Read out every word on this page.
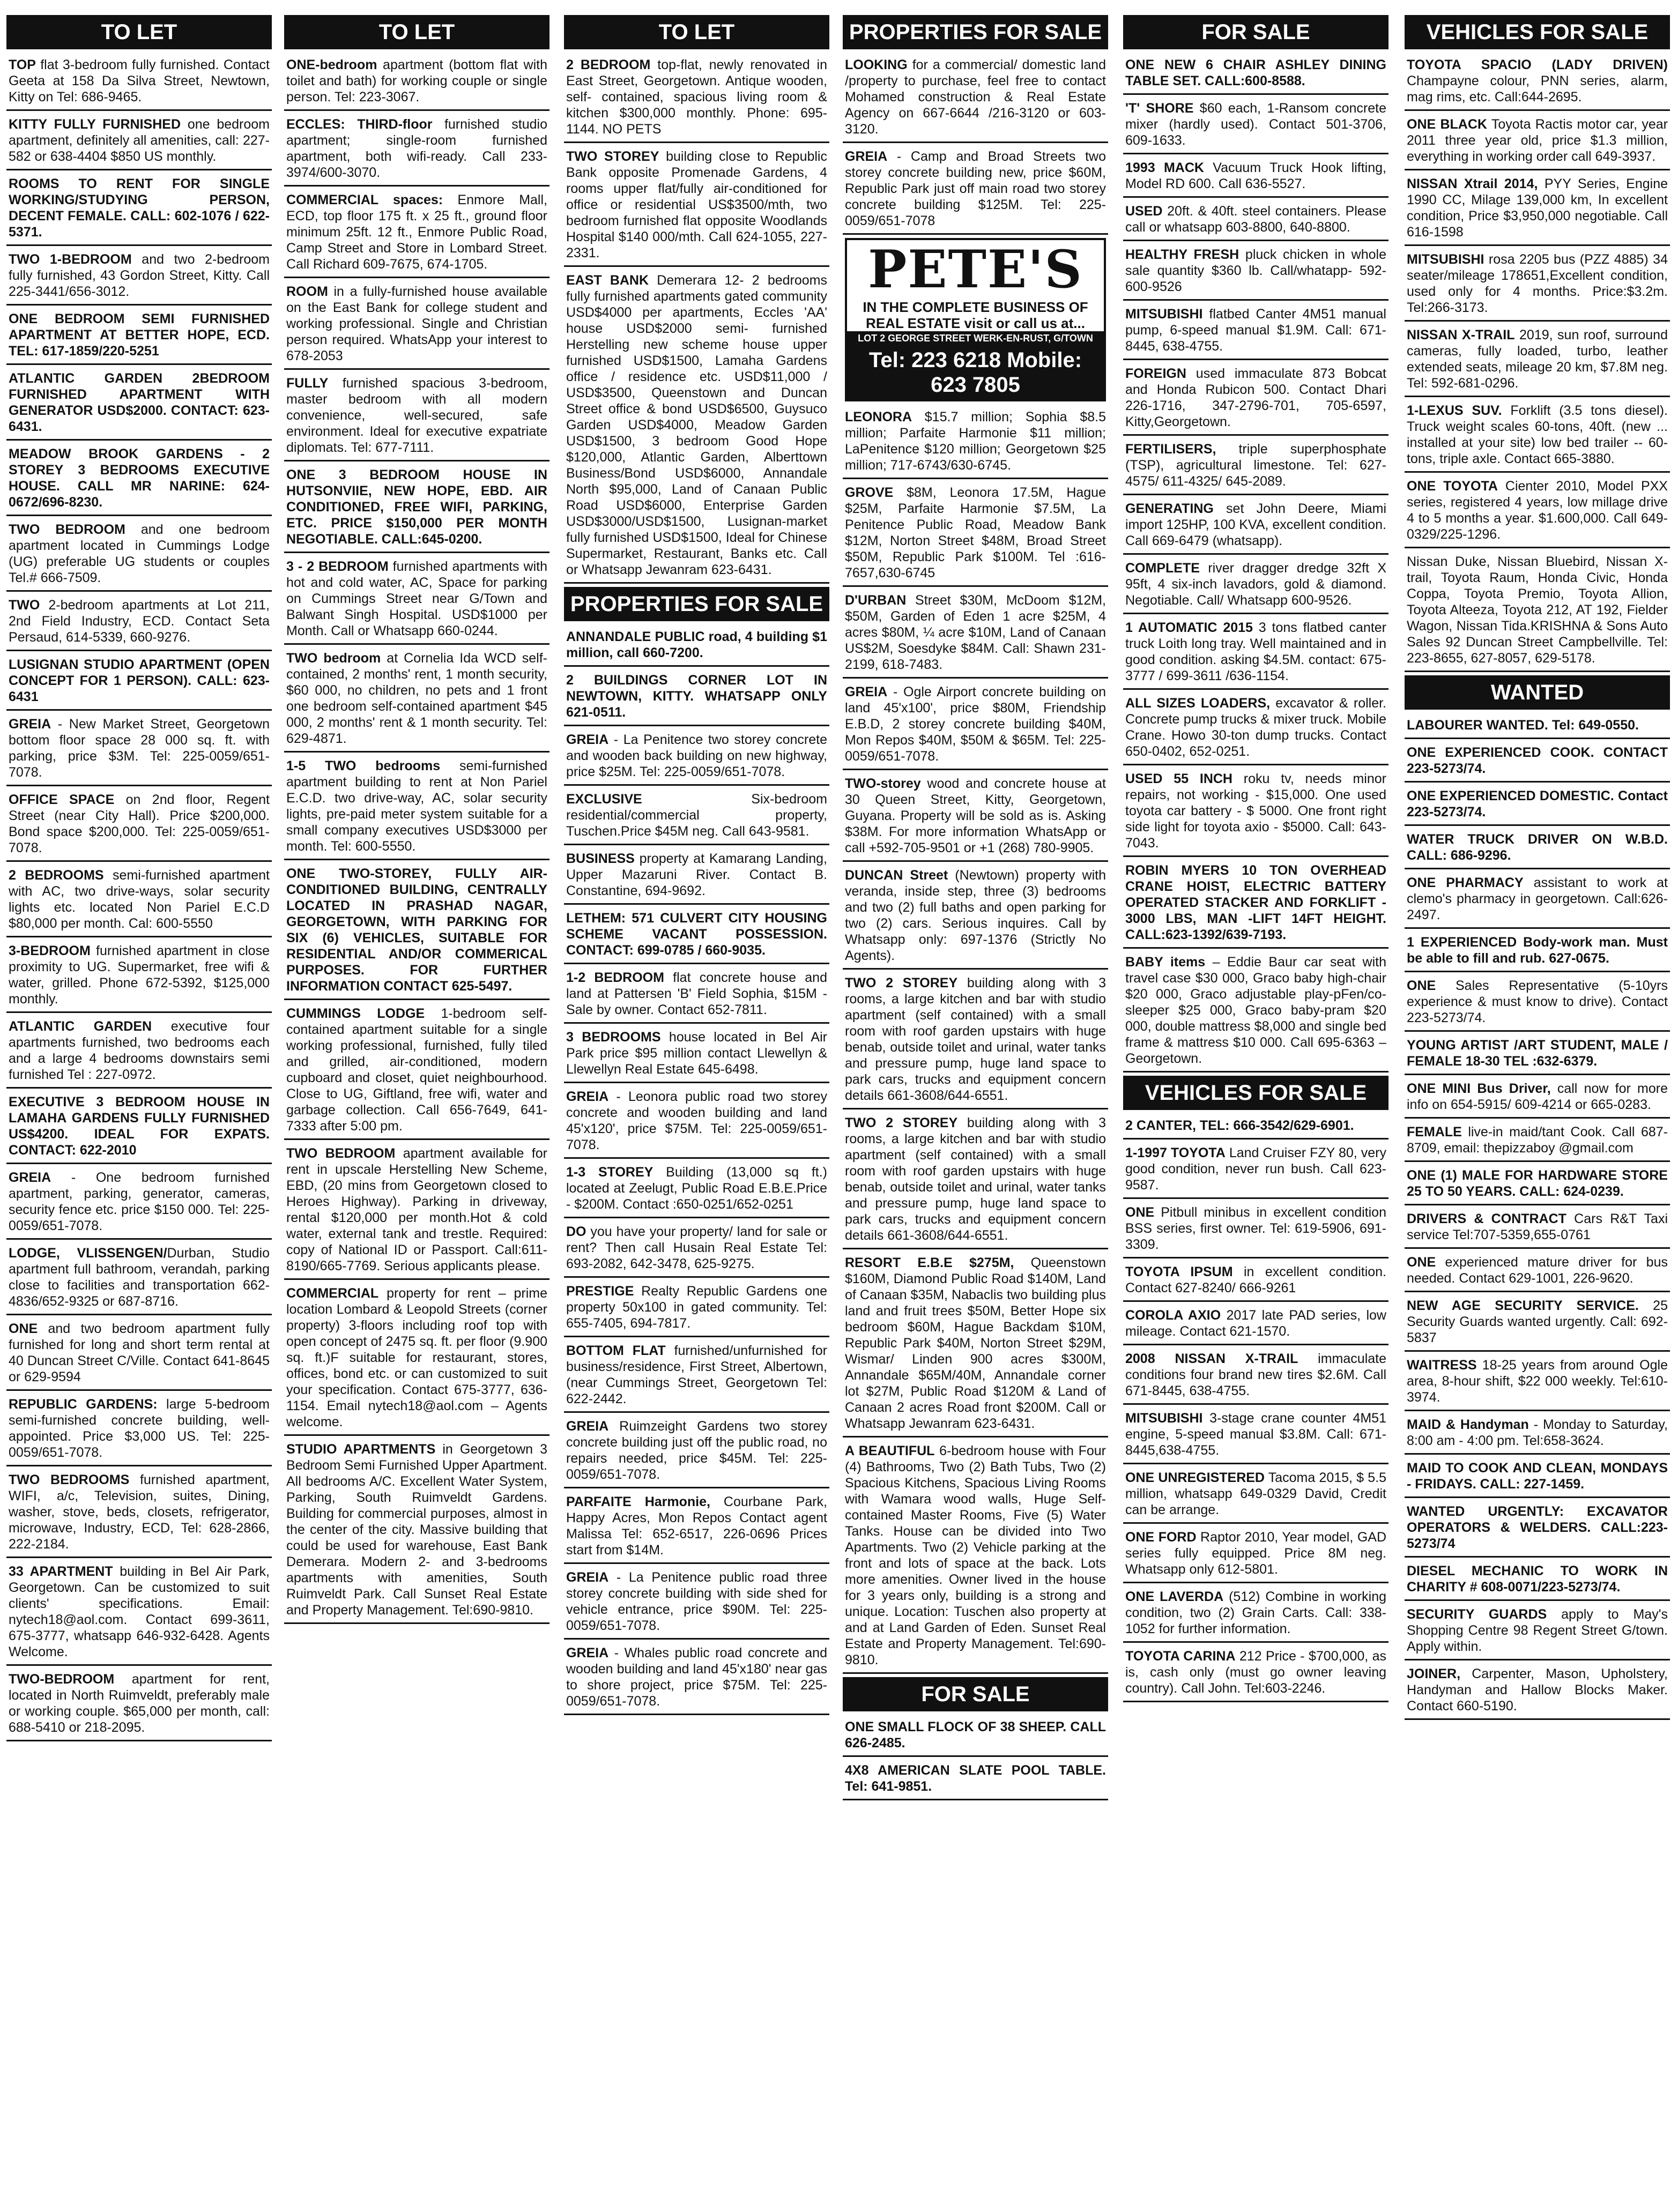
TO LET
TOP flat 3-bedroom fully furnished. Contact Geeta at 158 Da Silva Street, Newtown, Kitty on Tel: 686-9465.
KITTY FULLY FURNISHED one bedroom apartment, definitely all amenities, call: 227-582 or 638-4404 $850 US monthly.
ROOMS TO RENT FOR SINGLE WORKING/STUDYING PERSON, DECENT FEMALE. CALL: 602-1076 / 622-5371.
TWO 1-BEDROOM and two 2-bedroom fully furnished, 43 Gordon Street, Kitty. Call 225-3441/656-3012.
ONE BEDROOM SEMI FURNISHED APARTMENT AT BETTER HOPE, ECD. TEL: 617-1859/220-5251
ATLANTIC GARDEN 2BEDROOM FURNISHED APARTMENT WITH GENERATOR USD$2000. CONTACT: 623-6431.
MEADOW BROOK GARDENS - 2 STOREY 3 BEDROOMS EXECUTIVE HOUSE. CALL MR NARINE: 624-0672/696-8230.
TWO BEDROOM and one bedroom apartment located in Cummings Lodge (UG) preferable UG students or couples Tel.# 666-7509.
TWO 2-bedroom apartments at Lot 211, 2nd Field Industry, ECD. Contact Seta Persaud, 614-5339, 660-9276.
LUSIGNAN STUDIO APARTMENT (OPEN CONCEPT FOR 1 PERSON). CALL: 623-6431
GREIA - New Market Street, Georgetown bottom floor space 28 000 sq. ft. with parking, price $3M. Tel: 225-0059/651-7078.
OFFICE SPACE on 2nd floor, Regent Street (near City Hall). Price $200,000. Bond space $200,000. Tel: 225-0059/651-7078.
2 BEDROOMS semi-furnished apartment with AC, two drive-ways, solar security lights etc. located Non Pariel E.C.D $80,000 per month. Cal: 600-5550
3-BEDROOM furnished apartment in close proximity to UG. Supermarket, free wifi & water, grilled. Phone 672-5392, $125,000 monthly.
ATLANTIC GARDEN executive four apartments furnished, two bedrooms each and a large 4 bedrooms downstairs semi furnished Tel : 227-0972.
EXECUTIVE 3 BEDROOM HOUSE IN LAMAHA GARDENS FULLY FURNISHED US$4200. IDEAL FOR EXPATS. CONTACT: 622-2010
GREIA - One bedroom furnished apartment, parking, generator, cameras, security fence etc. price $150 000. Tel: 225-0059/651-7078.
LODGE, VLISSENGEN/Durban, Studio apartment full bathroom, verandah, parking close to facilities and transportation 662-4836/652-9325 or 687-8716.
ONE and two bedroom apartment fully furnished for long and short term rental at 40 Duncan Street C/Ville. Contact 641-8645 or 629-9594
REPUBLIC GARDENS: large 5-bedroom semi-furnished concrete building, well-appointed. Price $3,000 US. Tel: 225-0059/651-7078.
TWO BEDROOMS furnished apartment, WIFI, a/c, Television, suites, Dining, washer, stove, beds, closets, refrigerator, microwave, Industry, ECD, Tel: 628-2866, 222-2184.
33 APARTMENT building in Bel Air Park, Georgetown. Can be customized to suit clients' specifications. Email: nytech18@aol.com. Contact 699-3611, 675-3777, whatsapp 646-932-6428. Agents Welcome.
TWO-BEDROOM apartment for rent, located in North Ruimveldt, preferably male or working couple. $65,000 per month, call: 688-5410 or 218-2095.
TO LET
ONE-bedroom apartment (bottom flat with toilet and bath) for working couple or single person. Tel: 223-3067.
ECCLES: THIRD-floor furnished studio apartment; single-room furnished apartment, both wifi-ready. Call 233-3974/600-3070.
COMMERCIAL spaces: Enmore Mall, ECD, top floor 175 ft. x 25 ft., ground floor minimum 25ft. 12 ft., Enmore Public Road, Camp Street and Store in Lombard Street. Call Richard 609-7675, 674-1705.
ROOM in a fully-furnished house available on the East Bank for college student and working professional. Single and Christian person required. WhatsApp your interest to 678-2053
FULLY furnished spacious 3-bedroom, master bedroom with all modern convenience, well-secured, safe environment. Ideal for executive expatriate diplomats. Tel: 677-7111.
ONE 3 BEDROOM HOUSE IN HUTSONVIIE, NEW HOPE, EBD. AIR CONDITIONED, FREE WIFI, PARKING, ETC. PRICE $150,000 PER MONTH NEGOTIABLE. CALL:645-0200.
3 - 2 BEDROOM furnished apartments with hot and cold water, AC, Space for parking on Cummings Street near G/Town and Balwant Singh Hospital. USD$1000 per Month. Call or Whatsapp 660-0244.
TWO bedroom at Cornelia Ida WCD self-contained, 2 months' rent, 1 month security, $60 000, no children, no pets and 1 front one bedroom self-contained apartment $45 000, 2 months' rent & 1 month security. Tel: 629-4871.
1-5 TWO bedrooms semi-furnished apartment building to rent at Non Pariel E.C.D. two drive-way, AC, solar security lights, pre-paid meter system suitable for a small company executives USD$3000 per month. Tel: 600-5550.
ONE TWO-STOREY, FULLY AIR-CONDITIONED BUILDING, CENTRALLY LOCATED IN PRASHAD NAGAR, GEORGETOWN, WITH PARKING FOR SIX (6) VEHICLES, SUITABLE FOR RESIDENTIAL AND/OR COMMERICAL PURPOSES. FOR FURTHER INFORMATION CONTACT 625-5497.
CUMMINGS LODGE 1-bedroom self-contained apartment suitable for a single working professional, furnished, fully tiled and grilled, air-conditioned, modern cupboard and closet, quiet neighbourhood. Close to UG, Giftland, free wifi, water and garbage collection. Call 656-7649, 641-7333 after 5:00 pm.
TWO BEDROOM apartment available for rent in upscale Herstelling New Scheme, EBD, (20 mins from Georgetown closed to Heroes Highway). Parking in driveway, rental $120,000 per month.Hot & cold water, external tank and trestle. Required: copy of National ID or Passport. Call:611-8190/665-7769. Serious applicants please.
COMMERCIAL property for rent – prime location Lombard & Leopold Streets (corner property) 3-floors including roof top with open concept of 2475 sq. ft. per floor (9.900 sq. ft.)F suitable for restaurant, stores, offices, bond etc. or can customized to suit your specification. Contact 675-3777, 636-1154. Email nytech18@aol.com – Agents welcome.
STUDIO APARTMENTS in Georgetown 3 Bedroom Semi Furnished Upper Apartment. All bedrooms A/C. Excellent Water System, Parking, South Ruimveldt Gardens. Building for commercial purposes, almost in the center of the city. Massive building that could be used for warehouse, East Bank Demerara. Modern 2- and 3-bedrooms apartments with amenities, South Ruimveldt Park. Call Sunset Real Estate and Property Management. Tel:690-9810.
TO LET
2 BEDROOM top-flat, newly renovated in East Street, Georgetown. Antique wooden, self- contained, spacious living room & kitchen $300,000 monthly. Phone: 695-1144. NO PETS
TWO STOREY building close to Republic Bank opposite Promenade Gardens, 4 rooms upper flat/fully air-conditioned for office or residential US$3500/mth, two bedroom furnished flat opposite Woodlands Hospital $140 000/mth. Call 624-1055, 227-2331.
EAST BANK Demerara 12- 2 bedrooms fully furnished apartments gated community USD$4000 per apartments, Eccles 'AA' house USD$2000 semi- furnished Herstelling new scheme house upper furnished USD$1500, Lamaha Gardens office / residence etc. USD$11,000 / USD$3500, Queenstown and Duncan Street office & bond USD$6500, Guysuco Garden USD$4000, Meadow Garden USD$1500, 3 bedroom Good Hope $120,000, Atlantic Garden, Alberttown Business/Bond USD$6000, Annandale North $95,000, Land of Canaan Public Road USD$6000, Enterprise Garden USD$3000/USD$1500, Lusignan-market fully furnished USD$1500, Ideal for Chinese Supermarket, Restaurant, Banks etc. Call or Whatsapp Jewanram 623-6431.
PROPERTIES FOR SALE
ANNANDALE PUBLIC road, 4 building $1 million, call 660-7200.
2 BUILDINGS CORNER LOT IN NEWTOWN, KITTY. WHATSAPP ONLY 621-0511.
GREIA - La Penitence two storey concrete and wooden back building on new highway, price $25M. Tel: 225-0059/651-7078.
EXCLUSIVE Six-bedroom residential/commercial property, Tuschen.Price $45M neg. Call 643-9581.
BUSINESS property at Kamarang Landing, Upper Mazaruni River. Contact B. Constantine, 694-9692.
LETHEM: 571 CULVERT CITY HOUSING SCHEME VACANT POSSESSION. CONTACT: 699-0785 / 660-9035.
1-2 BEDROOM flat concrete house and land at Pattersen 'B' Field Sophia, $15M - Sale by owner. Contact 652-7811.
3 BEDROOMS house located in Bel Air Park price $95 million contact Llewellyn & Llewellyn Real Estate 645-6498.
GREIA - Leonora public road two storey concrete and wooden building and land 45'x120', price $75M. Tel: 225-0059/651-7078.
1-3 STOREY Building (13,000 sq ft.) located at Zeelugt, Public Road E.B.E.Price - $200M. Contact :650-0251/652-0251
DO you have your property/ land for sale or rent? Then call Husain Real Estate Tel: 693-2082, 642-3478, 625-9275.
PRESTIGE Realty Republic Gardens one property 50x100 in gated community. Tel: 655-7405, 694-7817.
BOTTOM FLAT furnished/unfurnished for business/residence, First Street, Albertown, (near Cummings Street, Georgetown Tel: 622-2442.
GREIA Ruimzeight Gardens two storey concrete building just off the public road, no repairs needed, price $45M. Tel: 225-0059/651-7078.
PARFAITE Harmonie, Courbane Park, Happy Acres, Mon Repos Contact agent Malissa Tel: 652-6517, 226-0696 Prices start from $14M.
GREIA - La Penitence public road three storey concrete building with side shed for vehicle entrance, price $90M. Tel: 225-0059/651-7078.
GREIA - Whales public road concrete and wooden building and land 45'x180' near gas to shore project, price $75M. Tel: 225-0059/651-7078.
PROPERTIES FOR SALE
LOOKING for a commercial/ domestic land /property to purchase, feel free to contact Mohamed construction & Real Estate Agency on 667-6644 /216-3120 or 603-3120.
GREIA - Camp and Broad Streets two storey concrete building new, price $60M, Republic Park just off main road two storey concrete building $125M. Tel: 225-0059/651-7078
PETE'S
IN THE COMPLETE BUSINESS OF REAL ESTATE visit or call us at...
LOT 2 GEORGE STREET WERK-EN-RUST, G/TOWN
Tel: 223 6218 Mobile: 623 7805
LEONORA $15.7 million; Sophia $8.5 million; Parfaite Harmonie $11 million; LaPenitence $120 million; Georgetown $25 million; 717-6743/630-6745.
GROVE $8M, Leonora 17.5M, Hague $25M, Parfaite Harmonie $7.5M, La Penitence Public Road, Meadow Bank $12M, Norton Street $48M, Broad Street $50M, Republic Park $100M. Tel :616-7657,630-6745
D'URBAN Street $30M, McDoom $12M, $50M, Garden of Eden 1 acre $25M, 4 acres $80M, ¼ acre $10M, Land of Canaan US$2M, Soesdyke $84M. Call: Shawn 231-2199, 618-7483.
GREIA - Ogle Airport concrete building on land 45'x100', price $80M, Friendship E.B.D, 2 storey concrete building $40M, Mon Repos $40M, $50M & $65M. Tel: 225-0059/651-7078.
TWO-storey wood and concrete house at 30 Queen Street, Kitty, Georgetown, Guyana. Property will be sold as is. Asking $38M. For more information WhatsApp or call +592-705-9501 or +1 (268) 780-9905.
DUNCAN Street (Newtown) property with veranda, inside step, three (3) bedrooms and two (2) full baths and open parking for two (2) cars. Serious inquires. Call by Whatsapp only: 697-1376 (Strictly No Agents).
TWO 2 STOREY building along with 3 rooms, a large kitchen and bar with studio apartment (self contained) with a small room with roof garden upstairs with huge benab, outside toilet and urinal, water tanks and pressure pump, huge land space to park cars, trucks and equipment concern details 661-3608/644-6551.
TWO 2 STOREY building along with 3 rooms, a large kitchen and bar with studio apartment (self contained) with a small room with roof garden upstairs with huge benab, outside toilet and urinal, water tanks and pressure pump, huge land space to park cars, trucks and equipment concern details 661-3608/644-6551.
RESORT E.B.E $275M, Queenstown $160M, Diamond Public Road $140M, Land of Canaan $35M, Nabaclis two building plus land and fruit trees $50M, Better Hope six bedroom $60M, Hague Backdam $10M, Republic Park $40M, Norton Street $29M, Wismar/ Linden 900 acres $300M, Annandale $65M/40M, Annandale corner lot $27M, Public Road $120M & Land of Canaan 2 acres Road front $200M. Call or Whatsapp Jewanram 623-6431.
A BEAUTIFUL 6-bedroom house with Four (4) Bathrooms, Two (2) Bath Tubs, Two (2) Spacious Kitchens, Spacious Living Rooms with Wamara wood walls, Huge Self-contained Master Rooms, Five (5) Water Tanks. House can be divided into Two Apartments. Two (2) Vehicle parking at the front and lots of space at the back. Lots more amenities. Owner lived in the house for 3 years only, building is a strong and unique. Location: Tuschen also property at and at Land Garden of Eden. Sunset Real Estate and Property Management. Tel:690-9810.
FOR SALE
ONE SMALL FLOCK OF 38 SHEEP. CALL 626-2485.
4X8 AMERICAN SLATE POOL TABLE. Tel: 641-9851.
FOR SALE
ONE NEW 6 CHAIR ASHLEY DINING TABLE SET. CALL:600-8588.
'T' SHORE $60 each, 1-Ransom concrete mixer (hardly used). Contact 501-3706, 609-1633.
1993 MACK Vacuum Truck Hook lifting, Model RD 600. Call 636-5527.
USED 20ft. & 40ft. steel containers. Please call or whatsapp 603-8800, 640-8800.
HEALTHY FRESH pluck chicken in whole sale quantity $360 lb. Call/whatapp- 592-600-9526
MITSUBISHI flatbed Canter 4M51 manual pump, 6-speed manual $1.9M. Call: 671-8445, 638-4755.
FOREIGN used immaculate 873 Bobcat and Honda Rubicon 500. Contact Dhari 226-1716, 347-2796-701, 705-6597, Kitty,Georgetown.
FERTILISERS, triple superphosphate (TSP), agricultural limestone. Tel: 627-4575/ 611-4325/ 645-2089.
GENERATING set John Deere, Miami import 125HP, 100 KVA, excellent condition. Call 669-6479 (whatsapp).
COMPLETE river dragger dredge 32ft X 95ft, 4 six-inch lavadors, gold & diamond. Negotiable. Call/ Whatsapp 600-9526.
1 AUTOMATIC 2015 3 tons flatbed canter truck Loith long tray. Well maintained and in good condition. asking $4.5M. contact: 675-3777 / 699-3611 /636-1154.
ALL SIZES LOADERS, excavator & roller. Concrete pump trucks & mixer truck. Mobile Crane. Howo 30-ton dump trucks. Contact 650-0402, 652-0251.
USED 55 INCH roku tv, needs minor repairs, not working - $15,000. One used toyota car battery - $ 5000. One front right side light for toyota axio - $5000. Call: 643-7043.
ROBIN MYERS 10 TON OVERHEAD CRANE HOIST, ELECTRIC BATTERY OPERATED STACKER AND FORKLIFT - 3000 LBS, MAN -LIFT 14FT HEIGHT. CALL:623-1392/639-7193.
BABY items – Eddie Baur car seat with travel case $30 000, Graco baby high-chair $20 000, Graco adjustable play-pFen/co-sleeper $25 000, Graco baby-pram $20 000, double mattress $8,000 and single bed frame & mattress $10 000. Call 695-6363 – Georgetown.
VEHICLES FOR SALE
2 CANTER, TEL: 666-3542/629-6901.
1-1997 TOYOTA Land Cruiser FZY 80, very good condition, never run bush. Call 623-9587.
ONE Pitbull minibus in excellent condition BSS series, first owner. Tel: 619-5906, 691-3309.
TOYOTA IPSUM in excellent condition. Contact 627-8240/ 666-9261
COROLA AXIO 2017 late PAD series, low mileage. Contact 621-1570.
2008 NISSAN X-TRAIL immaculate conditions four brand new tires $2.6M. Call 671-8445, 638-4755.
MITSUBISHI 3-stage crane counter 4M51 engine, 5-speed manual $3.8M. Call: 671-8445,638-4755.
ONE UNREGISTERED Tacoma 2015, $ 5.5 million, whatsapp 649-0329 David, Credit can be arrange.
ONE FORD Raptor 2010, Year model, GAD series fully equipped. Price 8M neg. Whatsapp only 612-5801.
ONE LAVERDA (512) Combine in working condition, two (2) Grain Carts. Call: 338-1052 for further information.
TOYOTA CARINA 212 Price - $700,000, as is, cash only (must go owner leaving country). Call John. Tel:603-2246.
VEHICLES FOR SALE
TOYOTA SPACIO (LADY DRIVEN) Champayne colour, PNN series, alarm, mag rims, etc. Call:644-2695.
ONE BLACK Toyota Ractis motor car, year 2011 three year old, price $1.3 million, everything in working order call 649-3937.
NISSAN Xtrail 2014, PYY Series, Engine 1990 CC, Milage 139,000 km, In excellent condition, Price $3,950,000 negotiable. Call 616-1598
MITSUBISHI rosa 2205 bus (PZZ 4885) 34 seater/mileage 178651,Excellent condition, used only for 4 months. Price:$3.2m. Tel:266-3173.
NISSAN X-TRAIL 2019, sun roof, surround cameras, fully loaded, turbo, leather extended seats, mileage 20 km, $7.8M neg. Tel: 592-681-0296.
1-LEXUS SUV. Forklift (3.5 tons diesel). Truck weight scales 60-tons, 40ft. (new ... installed at your site) low bed trailer -- 60-tons, triple axle. Contact 665-3880.
ONE TOYOTA Cienter 2010, Model PXX series, registered 4 years, low millage drive 4 to 5 months a year. $1.600,000. Call 649-0329/225-1296.
Nissan Duke, Nissan Bluebird, Nissan X-trail, Toyota Raum, Honda Civic, Honda Coppa, Toyota Premio, Toyota Allion, Toyota Alteeza, Toyota 212, AT 192, Fielder Wagon, Nissan Tida.KRISHNA & Sons Auto Sales 92 Duncan Street Campbellville. Tel: 223-8655, 627-8057, 629-5178.
WANTED
LABOURER WANTED. Tel: 649-0550.
ONE EXPERIENCED COOK. CONTACT 223-5273/74.
ONE EXPERIENCED DOMESTIC. Contact 223-5273/74.
WATER TRUCK DRIVER ON W.B.D. CALL: 686-9296.
ONE PHARMACY assistant to work at clemo's pharmacy in georgetown. Call:626-2497.
1 EXPERIENCED Body-work man. Must be able to fill and rub. 627-0675.
ONE Sales Representative (5-10yrs experience & must know to drive). Contact 223-5273/74.
YOUNG ARTIST /ART STUDENT, MALE / FEMALE 18-30 TEL :632-6379.
ONE MINI Bus Driver, call now for more info on 654-5915/ 609-4214 or 665-0283.
FEMALE live-in maid/tant Cook. Call 687-8709, email: thepizzaboy @gmail.com
ONE (1) MALE FOR HARDWARE STORE 25 TO 50 YEARS. CALL: 624-0239.
DRIVERS & CONTRACT Cars R&T Taxi service Tel:707-5359,655-0761
ONE experienced mature driver for bus needed. Contact 629-1001, 226-9620.
NEW AGE SECURITY SERVICE. 25 Security Guards wanted urgently. Call: 692-5837
WAITRESS 18-25 years from around Ogle area, 8-hour shift, $22 000 weekly. Tel:610-3974.
MAID & Handyman - Monday to Saturday, 8:00 am - 4:00 pm. Tel:658-3624.
MAID TO COOK AND CLEAN, MONDAYS - FRIDAYS. CALL: 227-1459.
WANTED URGENTLY: EXCAVATOR OPERATORS & WELDERS. CALL:223-5273/74
DIESEL MECHANIC TO WORK IN CHARITY # 608-0071/223-5273/74.
SECURITY GUARDS apply to May's Shopping Centre 98 Regent Street G/town. Apply within.
JOINER, Carpenter, Mason, Upholstery, Handyman and Hallow Blocks Maker. Contact 660-5190.
